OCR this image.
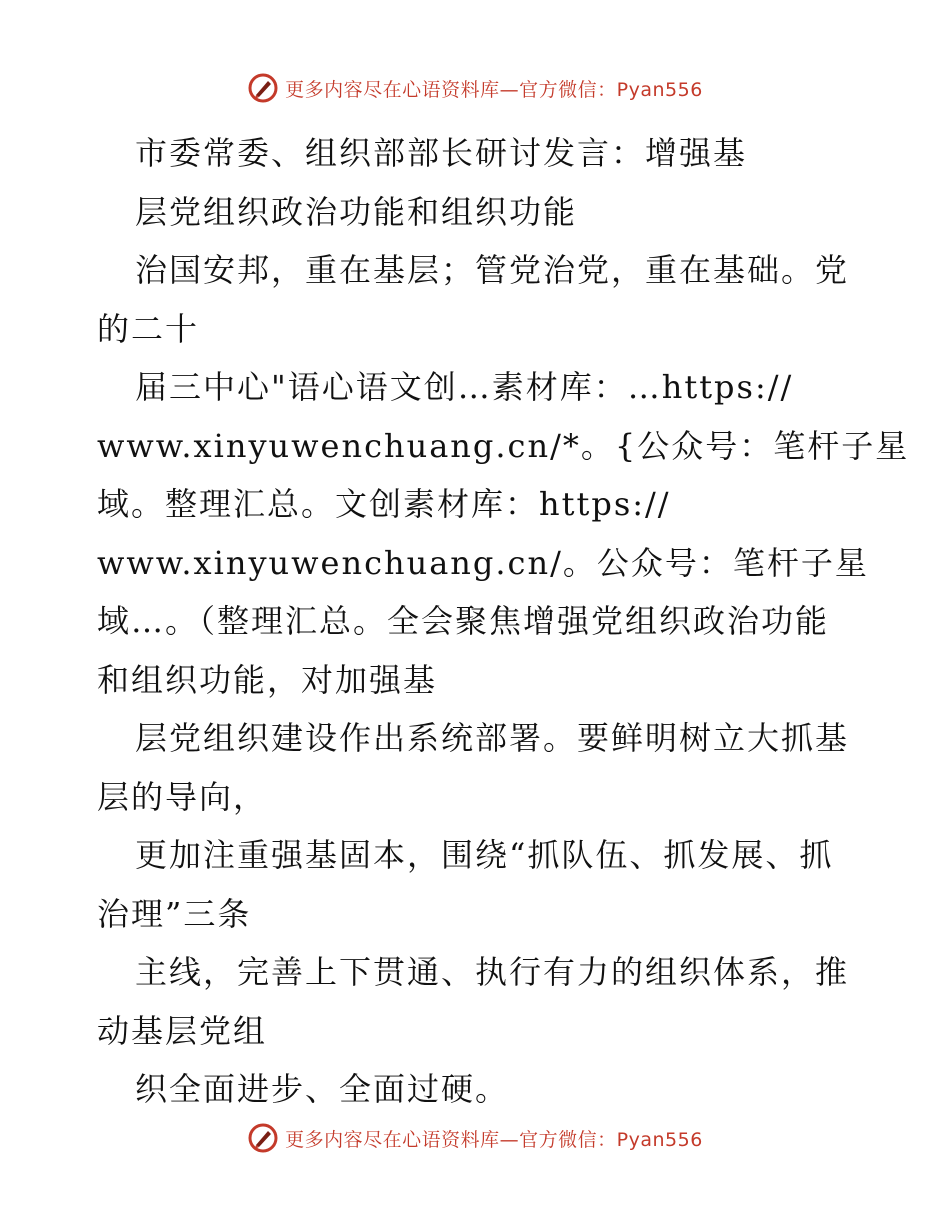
更多内容尽在心语资料库—官方微信：Pyan556
市委常委、组织部部长研讨发言：增强基
层党组织政治功能和组织功能
治国安邦，重在基层；管党治党，重在基础。党
的二十
届三中心"语心语文创…素材库：…https://
www.xinyuwenchuang.cn/*。{公众号：笔杆子星
域。整理汇总。文创素材库：https://
www.xinyuwenchuang.cn/。公众号：笔杆子星
域…。（整理汇总。全会聚焦增强党组织政治功能
和组织功能，对加强基
层党组织建设作出系统部署。要鲜明树立大抓基
层的导向，
更加注重强基固本，围绕“抓队伍、抓发展、抓
治理”三条
主线，完善上下贯通、执行有力的组织体系，推
动基层党组
织全面进步、全面过硬。
更多内容尽在心语资料库—官方微信：Pyan556
